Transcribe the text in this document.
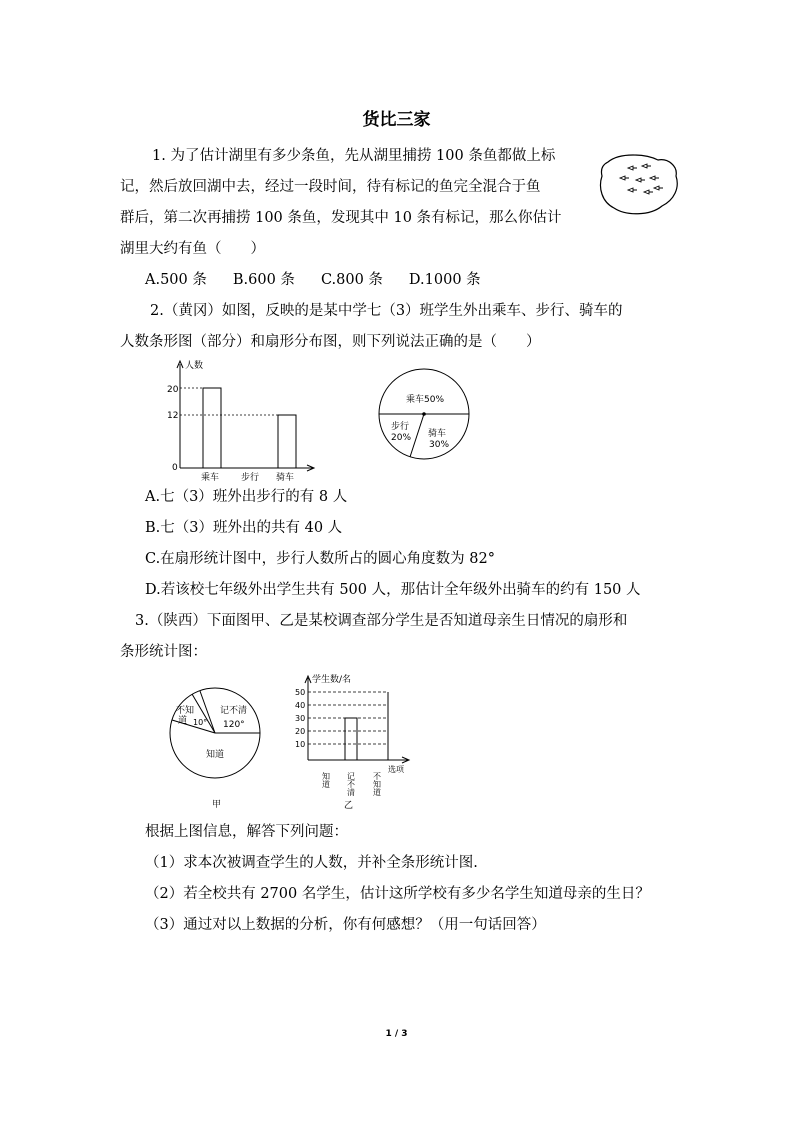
货比三家
1. 为了估计湖里有多少条鱼，先从湖里捕捞 100 条鱼都做上标
记，然后放回湖中去，经过一段时间，待有标记的鱼完全混合于鱼
群后，第二次再捕捞 100 条鱼，发现其中 10 条有标记，那么你估计
湖里大约有鱼（　　）
A.500 条 B.600 条 C.800 条 D.1000 条
2.（黄冈）如图，反映的是某中学七（3）班学生外出乘车、步行、骑车的
人数条形图（部分）和扇形分布图，则下列说法正确的是（　　）
人数
20
12
0
乘车 步行 骑车
乘车50%
步行
20% 骑车
30%
A.七（3）班外出步行的有 8 人
B.七（3）班外出的共有 40 人
C.在扇形统计图中，步行人数所占的圆心角度数为 82°
D.若该校七年级外出学生共有 500 人，那估计全年级外出骑车的约有 150 人
3.（陕西）下面图甲、乙是某校调查部分学生是否知道母亲生日情况的扇形和
条形统计图：
记不清
120°
不知
道 10°
知道
甲
学生数/名
50
40
30
20
10
知道 记不清 不知道
选项
乙
根据上图信息，解答下列问题：
（1）求本次被调查学生的人数，并补全条形统计图.
（2）若全校共有 2700 名学生，估计这所学校有多少名学生知道母亲的生日？
（3）通过对以上数据的分析，你有何感想？（用一句话回答）
1 / 3
